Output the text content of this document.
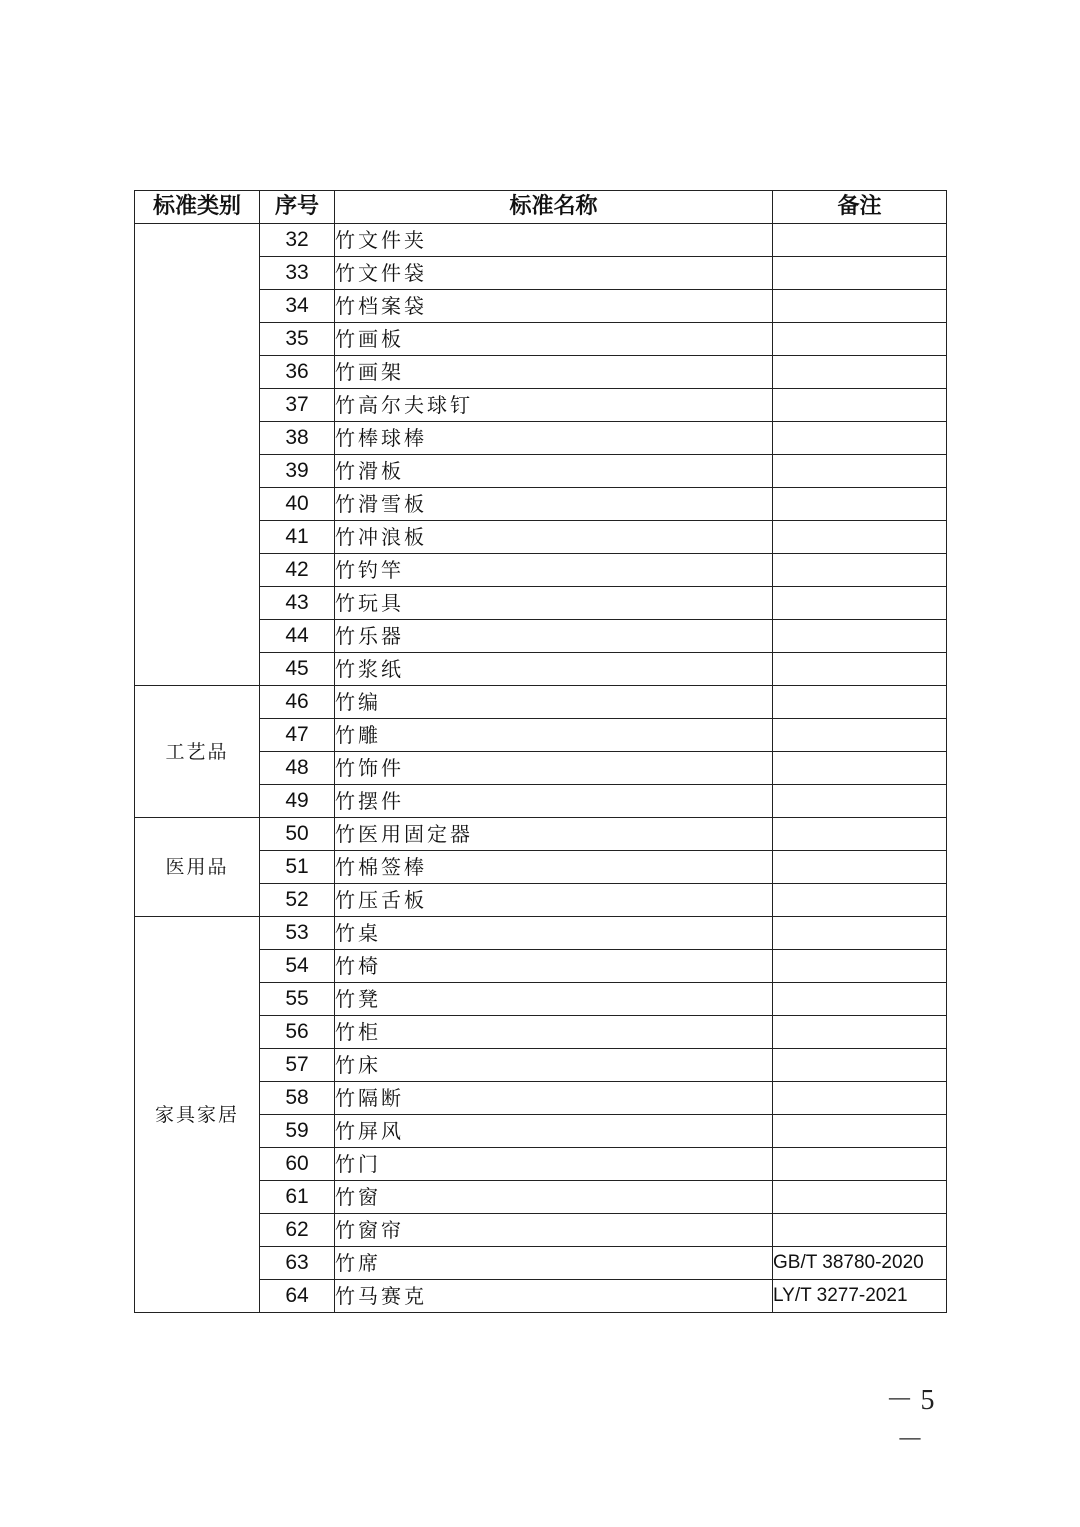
标准类别	序号	标准名称	备注
	32	竹文件夹	
	33	竹文件袋	
	34	竹档案袋	
	35	竹画板	
	36	竹画架	
	37	竹高尔夫球钉	
	38	竹棒球棒	
	39	竹滑板	
	40	竹滑雪板	
	41	竹冲浪板	
	42	竹钓竿	
	43	竹玩具	
	44	竹乐器	
	45	竹浆纸	
工艺品	46	竹编	
	47	竹雕	
	48	竹饰件	
	49	竹摆件	
医用品	50	竹医用固定器	
	51	竹棉签棒	
	52	竹压舌板	
家具家居	53	竹桌	
	54	竹椅	
	55	竹凳	
	56	竹柜	
	57	竹床	
	58	竹隔断	
	59	竹屏风	
	60	竹门	
	61	竹窗	
	62	竹窗帘	
	63	竹席	GB/T 38780-2020
	64	竹马赛克	LY/T 3277-2021
－ 5 －
